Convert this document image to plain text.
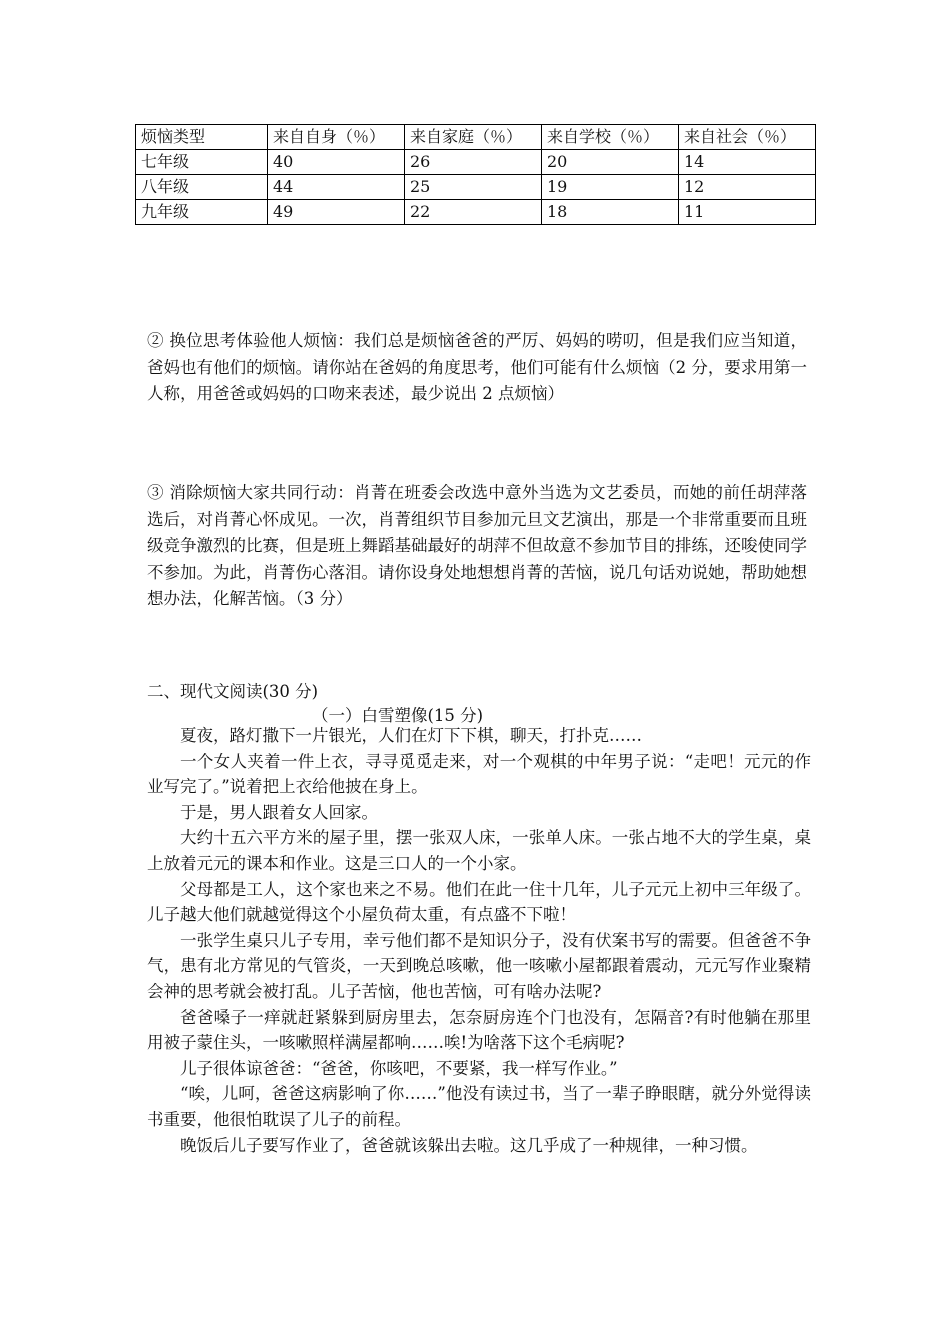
烦恼类型	来自自身（％）	来自家庭（％）	来自学校（％）	来自社会（％）
七年级	40	26	20	14
八年级	44	25	19	12
九年级	49	22	18	11

② 换位思考体验他人烦恼：我们总是烦恼爸爸的严厉、妈妈的唠叨，但是我们应当知道，爸妈也有他们的烦恼。请你站在爸妈的角度思考，他们可能有什么烦恼（2 分，要求用第一人称，用爸爸或妈妈的口吻来表述，最少说出 2 点烦恼）

③ 消除烦恼大家共同行动：肖菁在班委会改选中意外当选为文艺委员，而她的前任胡萍落选后，对肖菁心怀成见。一次，肖菁组织节目参加元旦文艺演出，那是一个非常重要而且班级竞争激烈的比赛，但是班上舞蹈基础最好的胡萍不但故意不参加节目的排练，还唆使同学不参加。为此，肖菁伤心落泪。请你设身处地想想肖菁的苦恼，说几句话劝说她，帮助她想想办法，化解苦恼。（3 分）

二、现代文阅读(30 分)

（一）白雪塑像(15 分)

夏夜，路灯撒下一片银光，人们在灯下下棋，聊天，打扑克……

一个女人夹着一件上衣，寻寻觅觅走来，对一个观棋的中年男子说：“走吧！元元的作业写完了。”说着把上衣给他披在身上。

于是，男人跟着女人回家。

大约十五六平方米的屋子里，摆一张双人床，一张单人床。一张占地不大的学生桌，桌上放着元元的课本和作业。这是三口人的一个小家。

父母都是工人，这个家也来之不易。他们在此一住十几年，儿子元元上初中三年级了。儿子越大他们就越觉得这个小屋负荷太重，有点盛不下啦！

一张学生桌只儿子专用，幸亏他们都不是知识分子，没有伏案书写的需要。但爸爸不争气，患有北方常见的气管炎，一天到晚总咳嗽，他一咳嗽小屋都跟着震动，元元写作业聚精会神的思考就会被打乱。儿子苦恼，他也苦恼，可有啥办法呢?

爸爸嗓子一痒就赶紧躲到厨房里去，怎奈厨房连个门也没有，怎隔音?有时他躺在那里用被子蒙住头，一咳嗽照样满屋都响……唉!为啥落下这个毛病呢?

儿子很体谅爸爸：“爸爸，你咳吧，不要紧，我一样写作业。”

“唉，儿呵，爸爸这病影响了你……”他没有读过书，当了一辈子睁眼瞎，就分外觉得读书重要，他很怕耽误了儿子的前程。

晚饭后儿子要写作业了，爸爸就该躲出去啦。这几乎成了一种规律，一种习惯。
